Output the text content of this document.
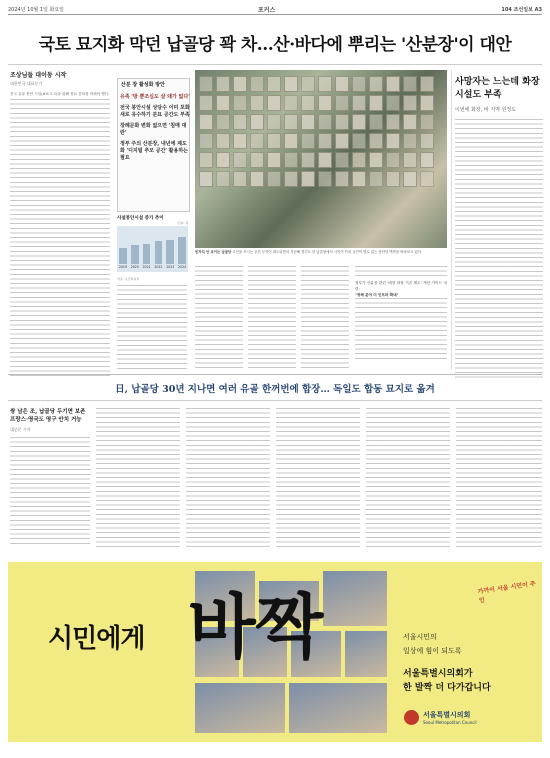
2024년 10월 1일 화요일	포커스	104 조선일보 A3
국토 묘지화 막던 납골당 꽉 차…산·바다에 뿌리는 '산분장'이 대안
조상님들 대이동 시작
대한민국 대표문기
전국 유골 봉안 시설(#포크고)을 위해 장묘 문화를 바꿔야 했다.
산분 장 활성화 방안
유족 '방 뿐조심도 살 돼가 없다'
전국 봉안시설 상당수 이미 포화 새로 유수하기 분묘 공간도 부족
장례문화 변화 없으면 '침매 대란'
정부 주의 산분장, 내년에 제도화 '디지털 추모 공간' 활용하는 필요
사설봉안시설 증가 추이
단위: 개
2019	2020	2021	2022	2023	2024
자료: 보건복지부
빈자리 안 보이는 납골당 고인을 모시는 공간 부족이 대두되면서 지난해 경기도 한 납골당에서 시민이 안치 공간이 별로 없는 봉안당 벽면을 바라보고 있다.
정부가 산분장 관련 '매장 화장 기존 제도' 개선 가이드 마련.
"정해 분야 더 인프라 확대"
사망자는 느는데 화장 시설도 부족
이번에 화장, 바 지역 원정도
日, 납골당 30년 지나면 여러 유골 한꺼번에 합장… 독일도 합동 묘지로 옮겨
쌍 남은 조, 납골당 두기면 보존 프랑스·영국도 영구 안치 거능
대중문 기자
가까이 서울 시민이 주인
시민에게 바짝	서울시민의
일상에 힘이 되도록
서울특별시의회가
한 발짝 더 다가갑니다
서울특별시의회
Seoul Metropolitan Council
